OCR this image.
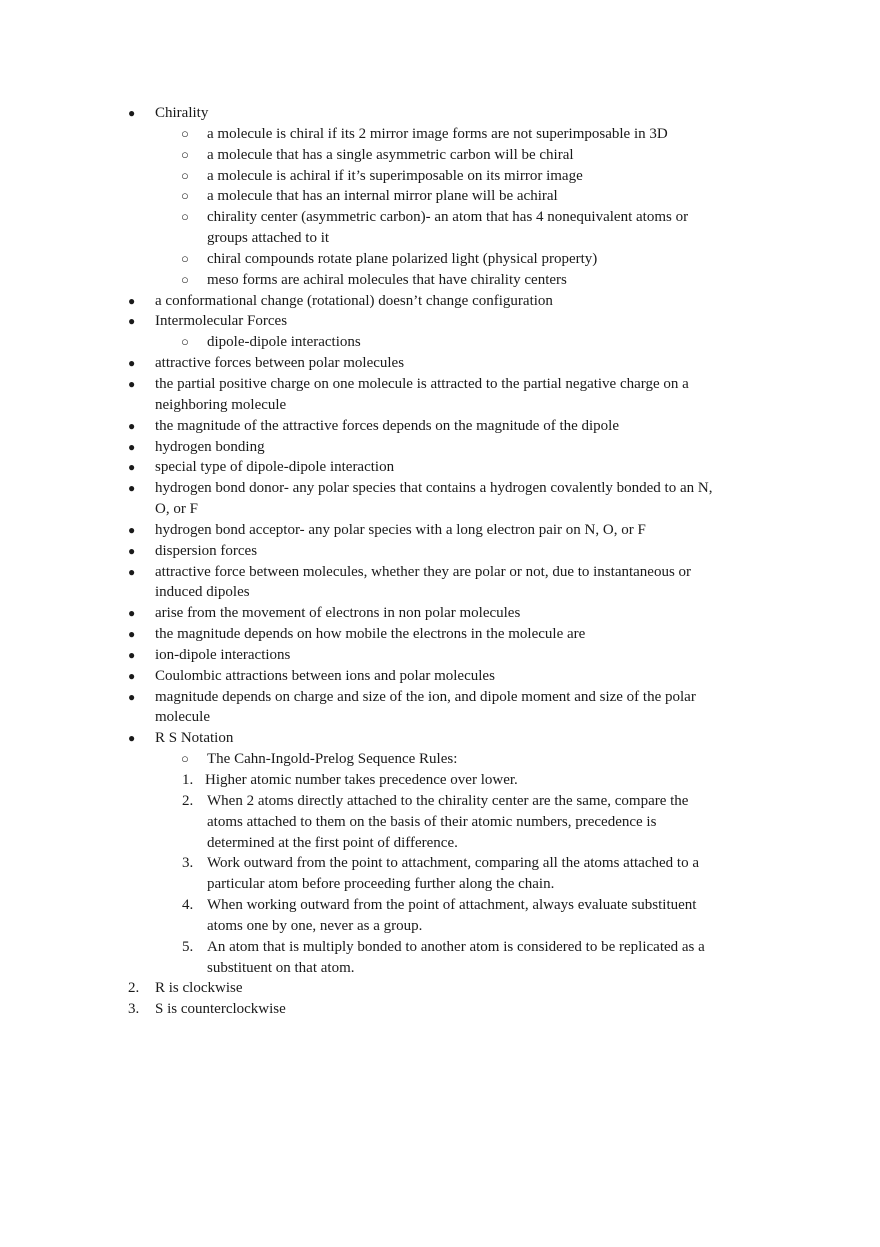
● Chirality
○ a molecule is chiral if its 2 mirror image forms are not superimposable in 3D
○ a molecule that has a single asymmetric carbon will be chiral
○ a molecule is achiral if it’s superimposable on its mirror image
○ a molecule that has an internal mirror plane will be achiral
○ chirality center (asymmetric carbon)- an atom that has 4 nonequivalent atoms or groups attached to it
○ chiral compounds rotate plane polarized light (physical property)
○ meso forms are achiral molecules that have chirality centers
● a conformational change (rotational) doesn’t change configuration
● Intermolecular Forces
○ dipole-dipole interactions
● attractive forces between polar molecules
● the partial positive charge on one molecule is attracted to the partial negative charge on a neighboring molecule
● the magnitude of the attractive forces depends on the magnitude of the dipole
● hydrogen bonding
● special type of dipole-dipole interaction
● hydrogen bond donor- any polar species that contains a hydrogen covalently bonded to an N, O, or F
● hydrogen bond acceptor- any polar species with a long electron pair on N, O, or F
● dispersion forces
● attractive force between molecules, whether they are polar or not, due to instantaneous or induced dipoles
● arise from the movement of electrons in non polar molecules
● the magnitude depends on how mobile the electrons in the molecule are
● ion-dipole interactions
● Coulombic attractions between ions and polar molecules
● magnitude depends on charge and size of the ion, and dipole moment and size of the polar molecule
● R S Notation
○ The Cahn-Ingold-Prelog Sequence Rules:
1. Higher atomic number takes precedence over lower.
2. When 2 atoms directly attached to the chirality center are the same, compare the atoms attached to them on the basis of their atomic numbers, precedence is determined at the first point of difference.
3. Work outward from the point to attachment, comparing all the atoms attached to a particular atom before proceeding further along the chain.
4. When working outward from the point of attachment, always evaluate substituent atoms one by one, never as a group.
5. An atom that is multiply bonded to another atom is considered to be replicated as a substituent on that atom.
2. R is clockwise
3. S is counterclockwise
